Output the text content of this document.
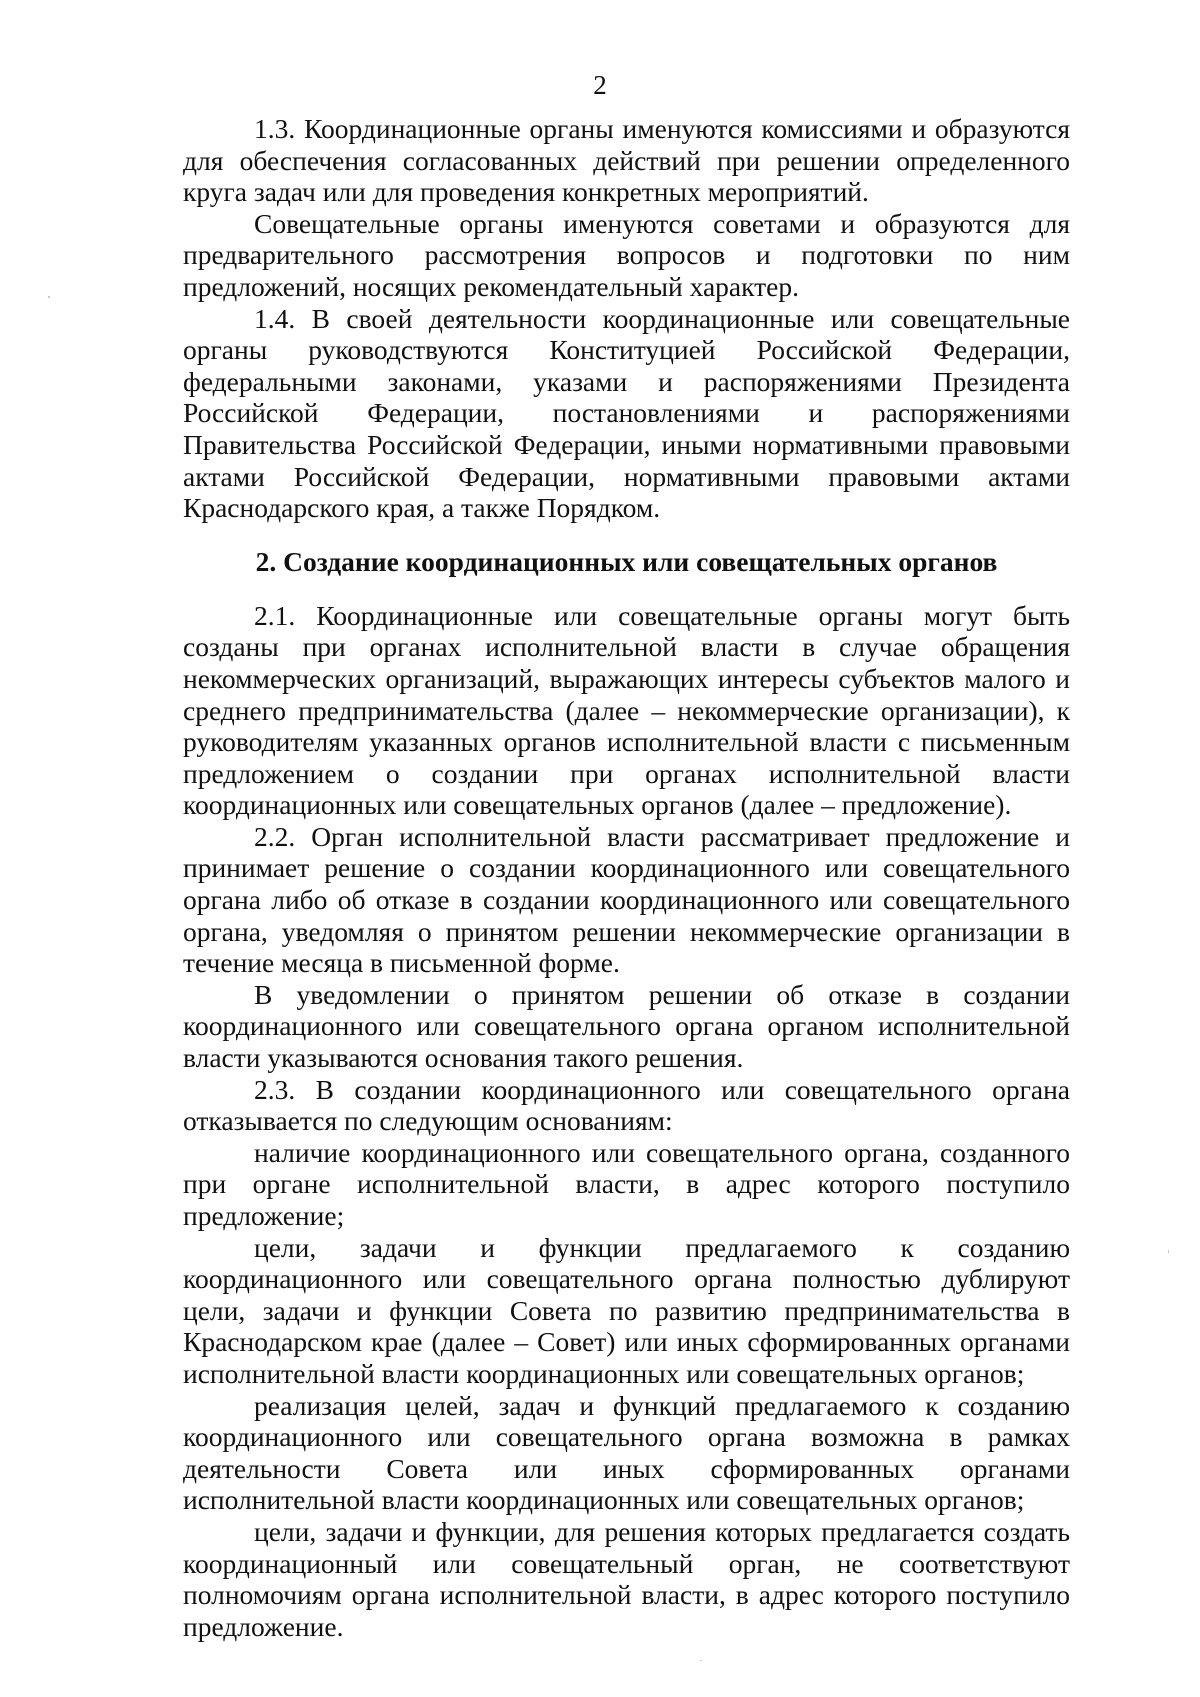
2

1.3. Координационные органы именуются комиссиями и образуются для обеспечения согласованных действий при решении определенного круга задач или для проведения конкретных мероприятий.

Совещательные органы именуются советами и образуются для предварительного рассмотрения вопросов и подготовки по ним предложений, носящих рекомендательный характер.

1.4. В своей деятельности координационные или совещательные органы руководствуются Конституцией Российской Федерации, федеральными законами, указами и распоряжениями Президента Российской Федерации, постановлениями и распоряжениями Правительства Российской Федерации, иными нормативными правовыми актами Российской Федерации, нормативными правовыми актами Краснодарского края, а также Порядком.

2. Создание координационных или совещательных органов

2.1. Координационные или совещательные органы могут быть созданы при органах исполнительной власти в случае обращения некоммерческих организаций, выражающих интересы субъектов малого и среднего предпринимательства (далее – некоммерческие организации), к руководителям указанных органов исполнительной власти с письменным предложением о создании при органах исполнительной власти координационных или совещательных органов (далее – предложение).

2.2. Орган исполнительной власти рассматривает предложение и принимает решение о создании координационного или совещательного органа либо об отказе в создании координационного или совещательного органа, уведомляя о принятом решении некоммерческие организации в течение месяца в письменной форме.

В уведомлении о принятом решении об отказе в создании координационного или совещательного органа органом исполнительной власти указываются основания такого решения.

2.3. В создании координационного или совещательного органа отказывается по следующим основаниям:

наличие координационного или совещательного органа, созданного при органе исполнительной власти, в адрес которого поступило предложение;

цели, задачи и функции предлагаемого к созданию координационного или совещательного органа полностью дублируют цели, задачи и функции Совета по развитию предпринимательства в Краснодарском крае (далее – Совет) или иных сформированных органами исполнительной власти координационных или совещательных органов;

реализация целей, задач и функций предлагаемого к созданию координационного или совещательного органа возможна в рамках деятельности Совета или иных сформированных органами исполнительной власти координационных или совещательных органов;

цели, задачи и функции, для решения которых предлагается создать координационный или совещательный орган, не соответствуют полномочиям органа исполнительной власти, в адрес которого поступило предложение.
